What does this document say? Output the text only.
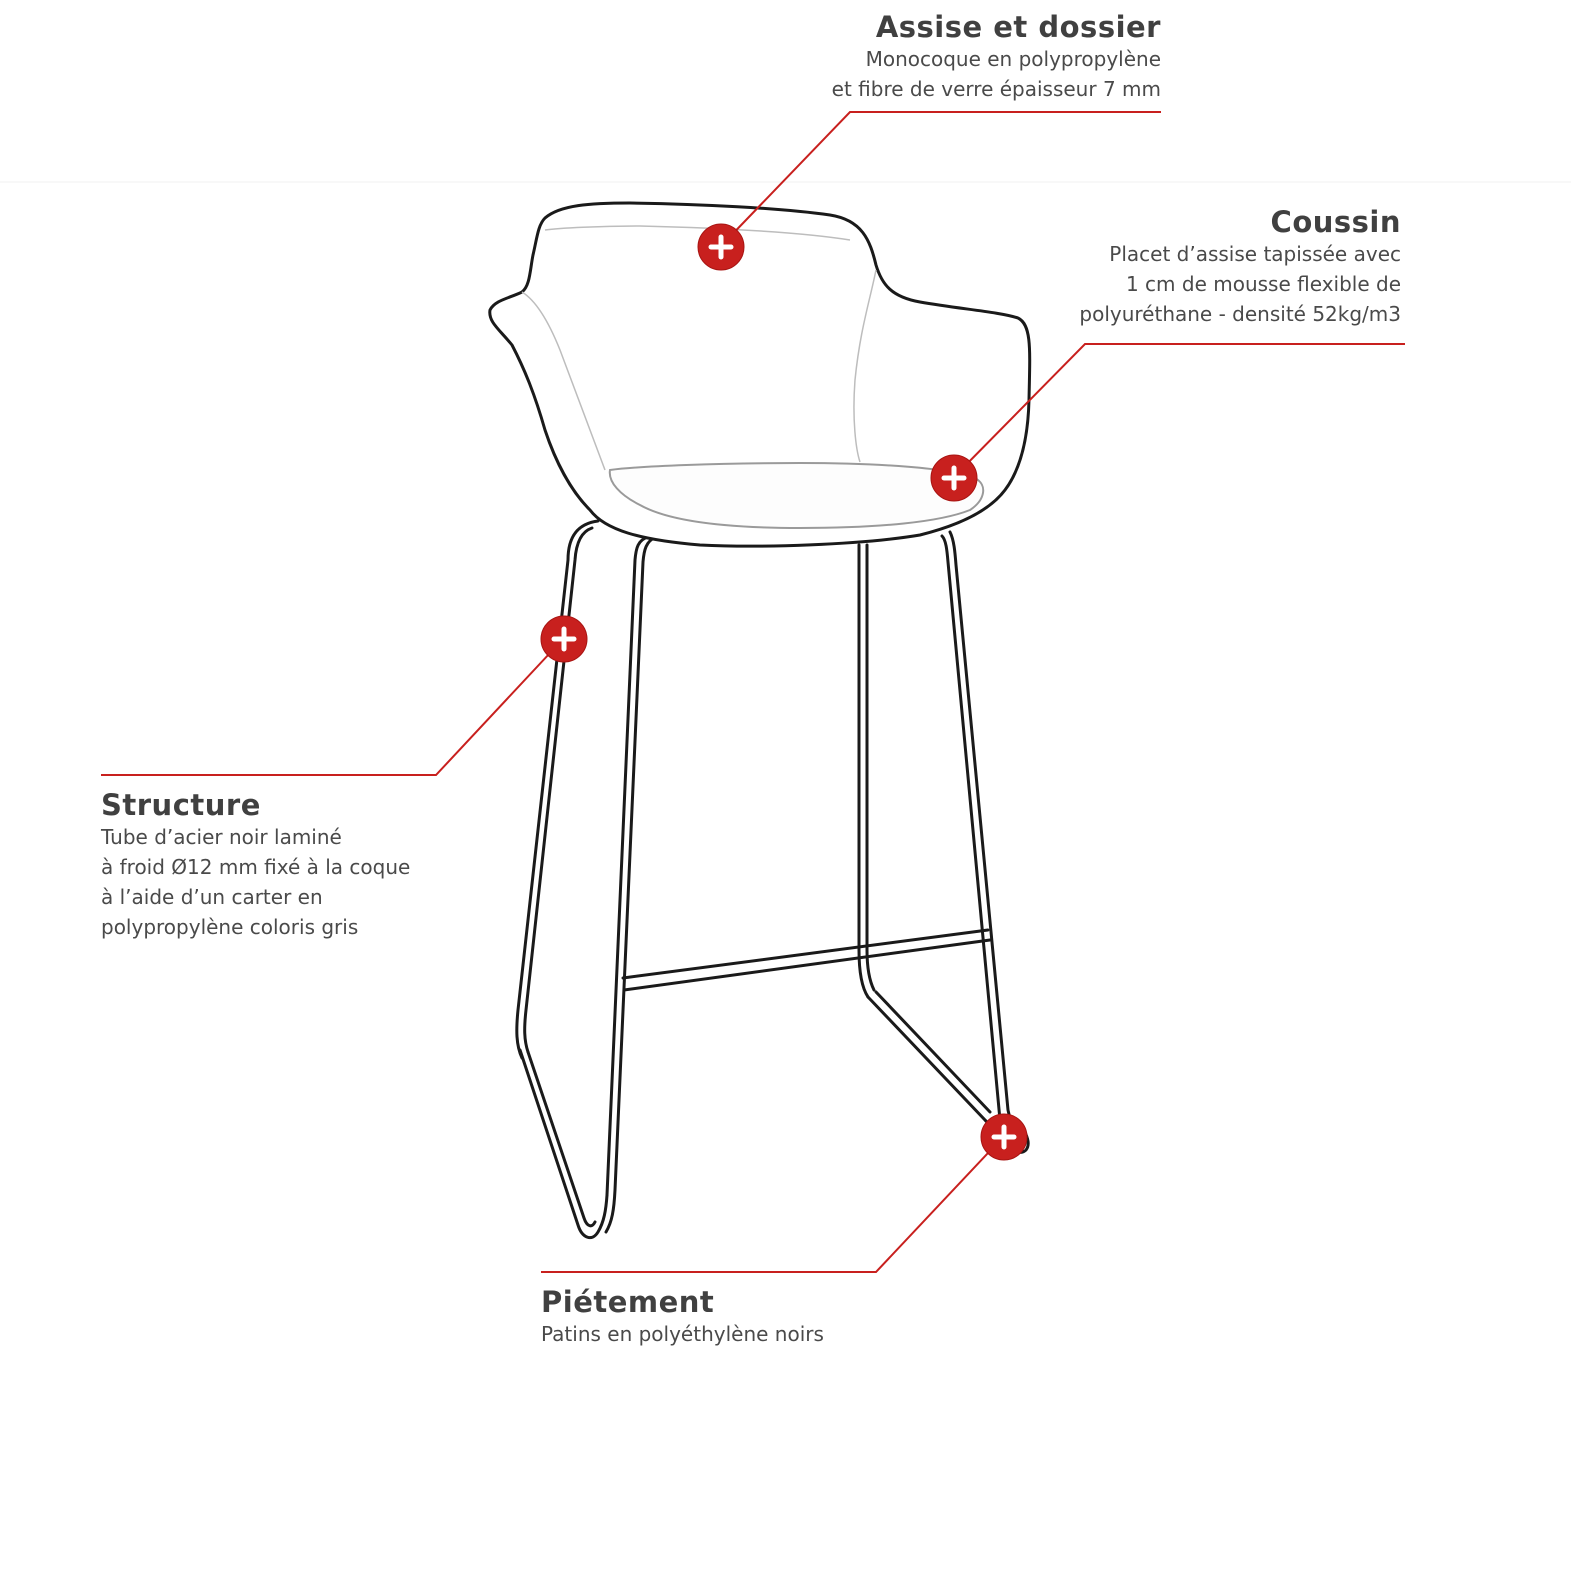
Assise et dossier
Monocoque en polypropylène
et fibre de verre épaisseur 7 mm
Coussin
Placet d’assise tapissée avec
1 cm de mousse flexible de
polyuréthane - densité 52kg/m3
Structure
Tube d’acier noir laminé
à froid Ø12 mm fixé à la coque
à l’aide d’un carter en
polypropylène coloris gris
Piétement
Patins en polyéthylène noirs
